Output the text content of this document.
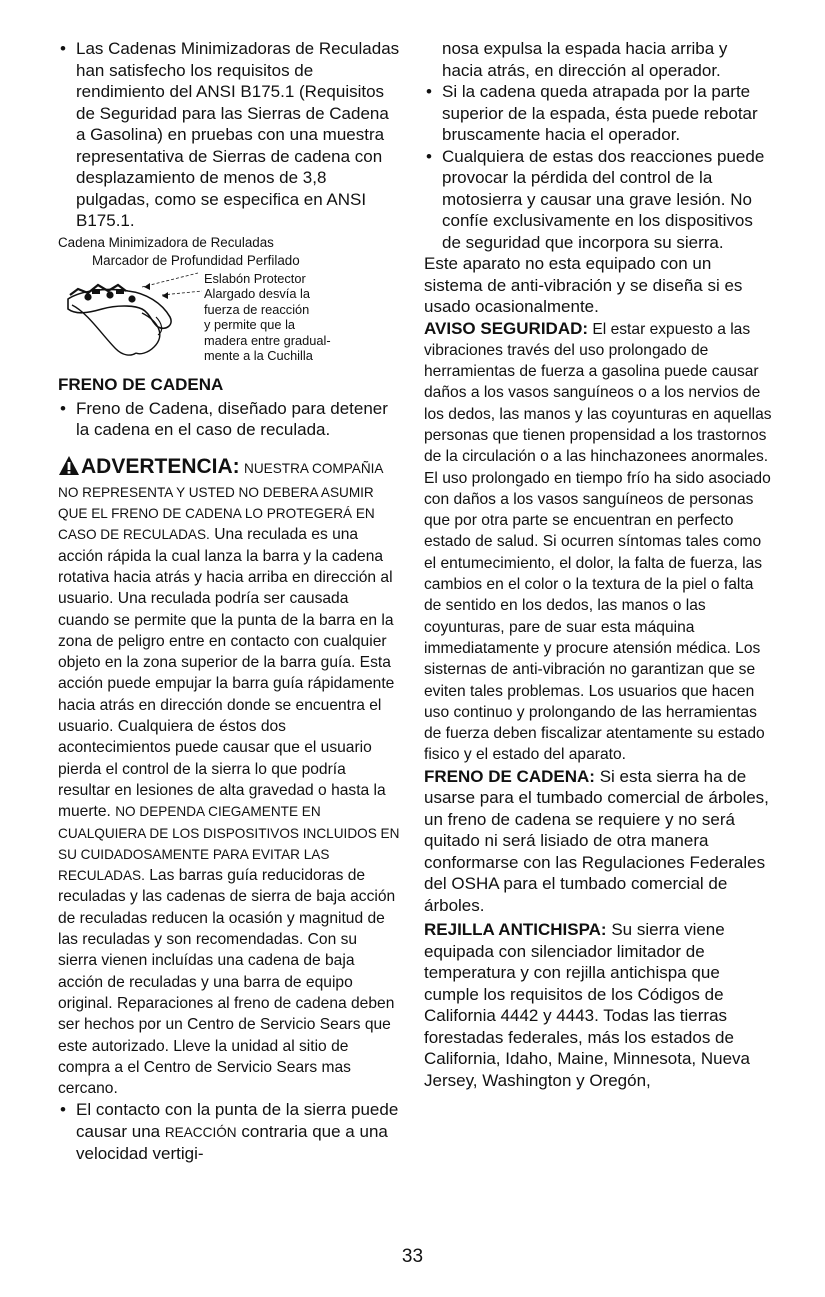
• Las Cadenas Minimizadoras de Reculadas han satisfecho los requisitos de rendimiento del ANSI B175.1 (Requisitos de Seguridad para las Sierras de Cadena a Gasolina) en pruebas con una muestra representativa de Sierras de cadena con desplazamiento de menos de 3,8 pulgadas, como se especifica en ANSI B175.1.

Cadena Minimizadora de Reculadas
Marcador de Profundidad Perfilado
Eslabón Protector
Alargado desvía la
fuerza de reacción
y permite que la
madera entre gradual-
mente a la Cuchilla
FRENO DE CADENA

• Freno de Cadena, diseñado para detener la cadena en el caso de reculada.

ADVERTENCIA: NUESTRA COMPAÑIA NO REPRESENTA Y USTED NO DEBERA ASUMIR QUE EL FRENO DE CADENA LO PROTEGERÁ EN CASO DE RECULADAS. Una reculada es una acción rápida la cual lanza la barra y la cadena rotativa hacia atrás y hacia arriba en dirección al usuario. Una reculada podría ser causada cuando se permite que la punta de la barra en la zona de peligro entre en contacto con cualquier objeto en la zona superior de la barra guía. Esta acción puede empujar la barra guía rápidamente hacia atrás en dirección donde se encuentra el usuario. Cualquiera de éstos dos acontecimientos puede causar que el usuario pierda el control de la sierra lo que podría resultar en lesiones de alta gravedad o hasta la muerte. NO DEPENDA CIEGAMENTE EN CUALQUIERA DE LOS DISPOSITIVOS INCLUIDOS EN SU CUIDADOSAMENTE PARA EVITAR LAS RECULADAS. Las barras guía reducidoras de reculadas y las cadenas de sierra de baja acción de reculadas reducen la ocasión y magnitud de las reculadas y son recomendadas. Con su sierra vienen incluídas una cadena de baja acción de reculadas y una barra de equipo original. Reparaciones al freno de cadena deben ser hechos por un Centro de Servicio Sears que este autorizado. Lleve la unidad al sitio de compra a el Centro de Servicio Sears mas cercano.

• El contacto con la punta de la sierra puede causar una REACCIÓN contraria que a una velocidad vertigi-

nosa expulsa la espada hacia arriba y hacia atrás, en dirección al operador.

• Si la cadena queda atrapada por la parte superior de la espada, ésta puede rebotar bruscamente hacia el operador.

• Cualquiera de estas dos reacciones puede provocar la pérdida del control de la motosierra y causar una grave lesión. No confíe exclusivamente en los dispositivos de seguridad que incorpora su sierra.

Este aparato no esta equipado con un sistema de anti-vibración y se diseña si es usado ocasionalmente.

AVISO SEGURIDAD: El estar expuesto a las vibraciones través del uso prolongado de herramientas de fuerza a gasolina puede causar daños a los vasos sanguíneos o a los nervios de los dedos, las manos y las coyunturas en aquellas personas que tienen propensidad a los trastornos de la circulación o a las hinchazonees anormales. El uso prolongado en tiempo frío ha sido asociado con daños a los vasos sanguíneos de personas que por otra parte se encuentran en perfecto estado de salud. Si ocurren síntomas tales como el entumecimiento, el dolor, la falta de fuerza, las cambios en el color o la textura de la piel o falta de sentido en los dedos, las manos o las coyunturas, pare de suar esta máquina immediatamente y procure atensión médica. Los sisternas de anti-vibración no garantizan que se eviten tales problemas. Los usuarios que hacen uso continuo y prolongando de las herramientas de fuerza deben fiscalizar atentamente su estado fisico y el estado del aparato.

FRENO DE CADENA: Si esta sierra ha de usarse para el tumbado comercial de árboles, un freno de cadena se requiere y no será quitado ni será lisiado de otra manera conformarse con las Regulaciones Federales del OSHA para el tumbado comercial de árboles.

REJILLA ANTICHISPA: Su sierra viene equipada con silenciador limitador de temperatura y con rejilla antichispa que cumple los requisitos de los Códigos de California 4442 y 4443. Todas las tierras forestadas federales, más los estados de California, Idaho, Maine, Minnesota, Nueva Jersey, Washington y Oregón,

33
